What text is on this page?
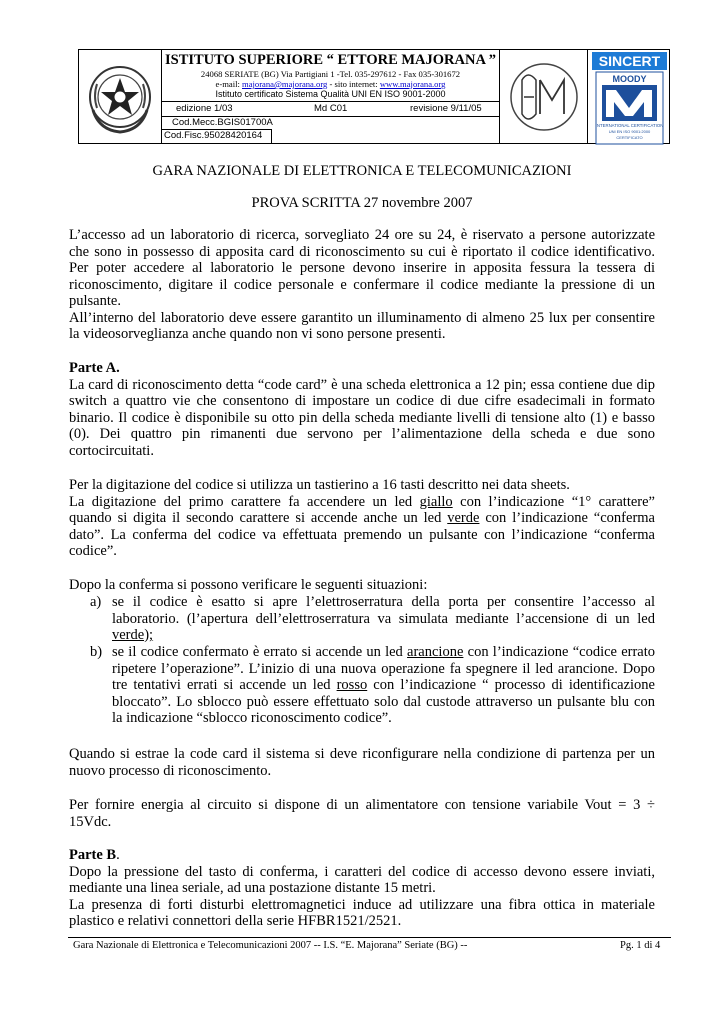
ISTITUTO SUPERIORE “ ETTORE MAJORANA ”
24068 SERIATE (BG) Via Partigiani 1 -Tel. 035-297612 - Fax 035-301672
e-mail: majorana@majorana.org - sito internet: www.majorana.org
Istituto certificato Sistema Qualità UNI EN ISO 9001-2000
edizione 1/03	Md C01	revisione 9/11/05
Cod.Mecc.BGIS01700A
Cod.Fisc.95028420164
SINCERT
MOODY
INTERNATIONAL CERTIFICATION
UNI EN ISO 9001:2000
CERTIFICATO
GARA NAZIONALE DI ELETTRONICA E TELECOMUNICAZIONI
PROVA SCRITTA 27 novembre 2007
L’accesso ad un laboratorio di ricerca, sorvegliato 24 ore su 24, è riservato a persone autorizzate
che sono in possesso di apposita card di riconoscimento su cui è riportato il codice identificativo.
Per poter accedere al laboratorio le persone devono inserire in apposita fessura la tessera di
riconoscimento, digitare il codice personale e confermare il codice mediante la pressione di un
pulsante.
All’interno del laboratorio deve essere garantito un illuminamento di almeno 25 lux per consentire
la videosorveglianza anche quando non vi sono persone presenti.
Parte A.
La card di riconoscimento detta “code card” è una scheda elettronica a 12 pin; essa contiene due dip
switch a quattro vie che consentono di impostare un codice di due cifre esadecimali in formato
binario. Il codice è disponibile su otto pin della scheda mediante livelli di tensione alto (1) e basso
(0). Dei quattro pin rimanenti due servono per l’alimentazione della scheda e due sono
cortocircuitati.
Per la digitazione del codice si utilizza un tastierino a 16 tasti descritto nei data sheets.
La digitazione del primo carattere fa accendere un led giallo con l’indicazione “1° carattere”
quando si digita il secondo carattere si accende anche un led verde con l’indicazione “conferma
dato”. La conferma del codice va effettuata premendo un pulsante con l’indicazione “conferma
codice”.
Dopo la conferma si possono verificare le seguenti situazioni:
a) se il codice è esatto si apre l’elettroserratura della porta per consentire l’accesso al
laboratorio. (l’apertura dell’elettroserratura va simulata mediante l’accensione di un led
verde);
b) se il codice confermato è errato si accende un led arancione con l’indicazione “codice errato
ripetere l’operazione”. L’inizio di una nuova operazione fa spegnere il led arancione. Dopo
tre tentativi errati si accende un led rosso con l’indicazione “ processo di identificazione
bloccato”. Lo sblocco può essere effettuato solo dal custode attraverso un pulsante blu con
la indicazione “sblocco riconoscimento codice”.
Quando si estrae la code card il sistema si deve riconfigurare nella condizione di partenza per un
nuovo processo di riconoscimento.
Per fornire energia al circuito si dispone di un alimentatore con tensione variabile Vout = 3 ÷
15Vdc.
Parte B.
Dopo la pressione del tasto di conferma, i caratteri del codice di accesso devono essere inviati,
mediante una linea seriale, ad una postazione distante 15 metri.
La presenza di forti disturbi elettromagnetici induce ad utilizzare una fibra ottica in materiale
plastico e relativi connettori della serie HFBR1521/2521.
Gara Nazionale di Elettronica e Telecomunicazioni 2007 -- I.S. “E. Majorana” Seriate (BG) --	Pg. 1 di 4
